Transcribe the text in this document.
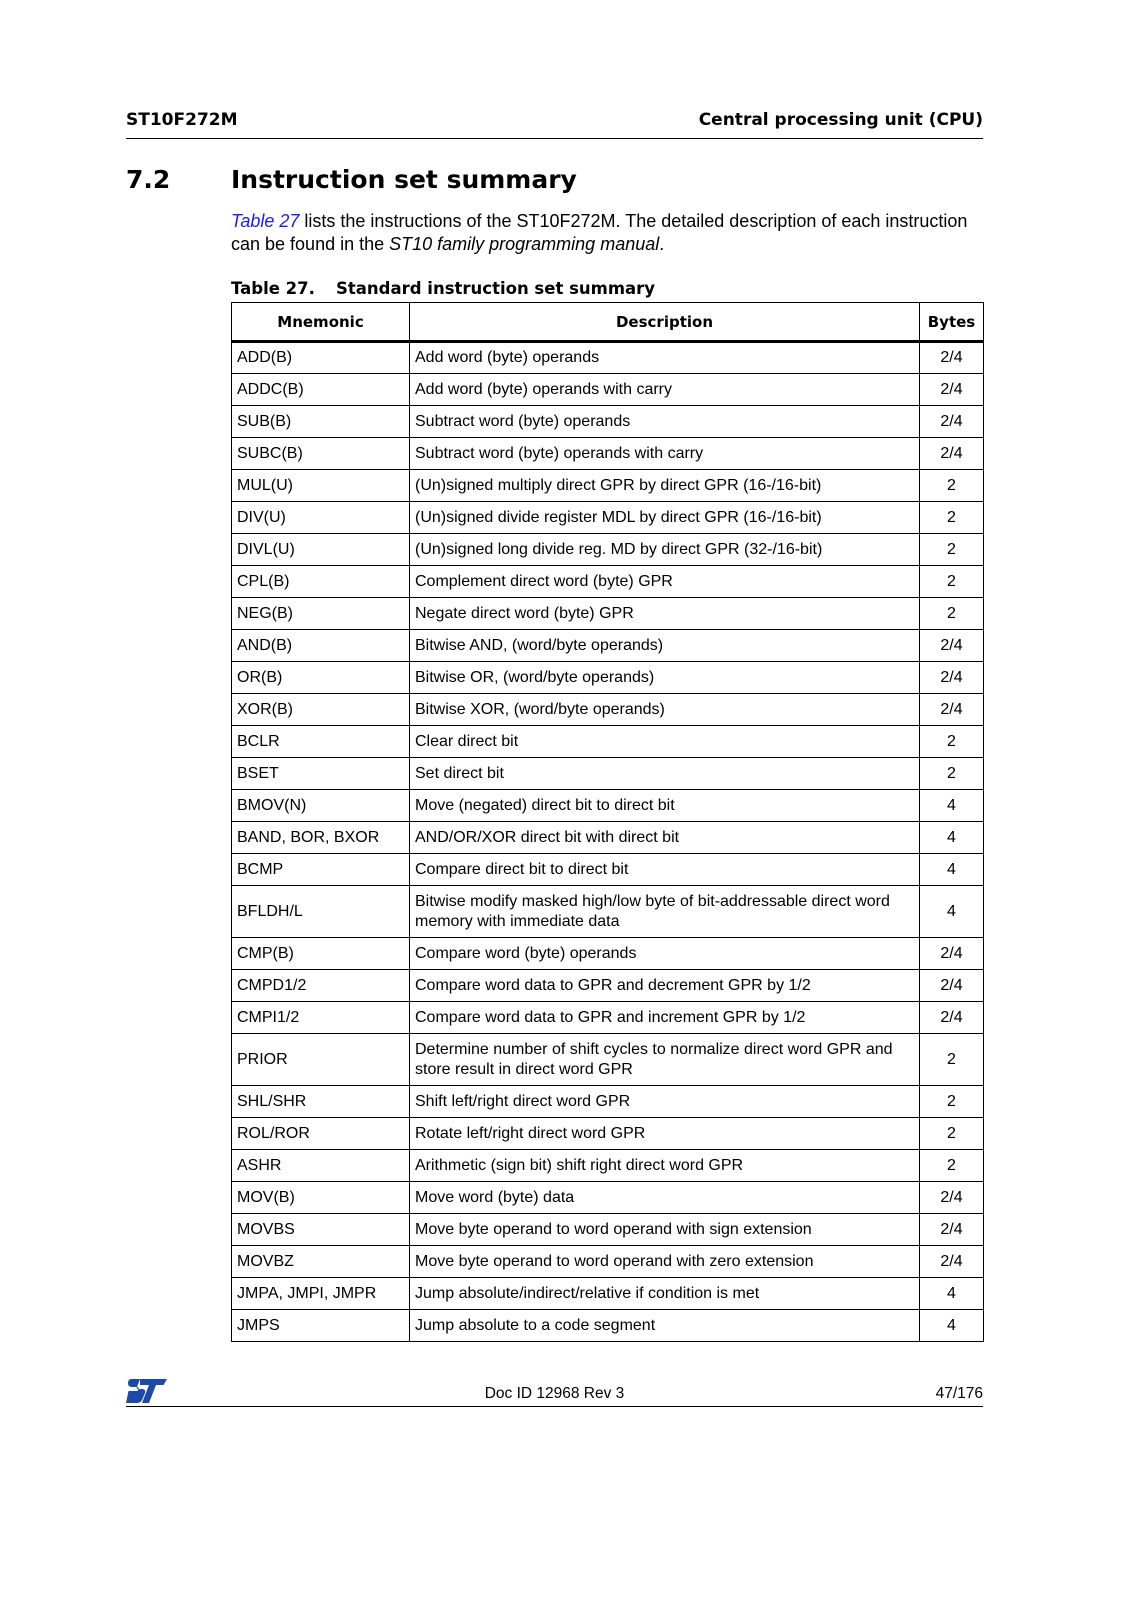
ST10F272M	Central processing unit (CPU)
7.2 Instruction set summary

Table 27 lists the instructions of the ST10F272M. The detailed description of each instruction can be found in the ST10 family programming manual.

Table 27. Standard instruction set summary
Mnemonic	Description	Bytes

ADD(B)	Add word (byte) operands	2/4
ADDC(B)	Add word (byte) operands with carry	2/4
SUB(B)	Subtract word (byte) operands	2/4
SUBC(B)	Subtract word (byte) operands with carry	2/4
MUL(U)	(Un)signed multiply direct GPR by direct GPR (16-/16-bit)	2
DIV(U)	(Un)signed divide register MDL by direct GPR (16-/16-bit)	2
DIVL(U)	(Un)signed long divide reg. MD by direct GPR (32-/16-bit)	2
CPL(B)	Complement direct word (byte) GPR	2
NEG(B)	Negate direct word (byte) GPR	2
AND(B)	Bitwise AND, (word/byte operands)	2/4
OR(B)	Bitwise OR, (word/byte operands)	2/4
XOR(B)	Bitwise XOR, (word/byte operands)	2/4
BCLR	Clear direct bit	2
BSET	Set direct bit	2
BMOV(N)	Move (negated) direct bit to direct bit	4
BAND, BOR, BXOR	AND/OR/XOR direct bit with direct bit	4
BCMP	Compare direct bit to direct bit	4
BFLDH/L	Bitwise modify masked high/low byte of bit-addressable direct word memory with immediate data	4
CMP(B)	Compare word (byte) operands	2/4
CMPD1/2	Compare word data to GPR and decrement GPR by 1/2	2/4
CMPI1/2	Compare word data to GPR and increment GPR by 1/2	2/4
PRIOR	Determine number of shift cycles to normalize direct word GPR and store result in direct word GPR	2
SHL/SHR	Shift left/right direct word GPR	2
ROL/ROR	Rotate left/right direct word GPR	2
ASHR	Arithmetic (sign bit) shift right direct word GPR	2
MOV(B)	Move word (byte) data	2/4
MOVBS	Move byte operand to word operand with sign extension	2/4
MOVBZ	Move byte operand to word operand with zero extension	2/4
JMPA, JMPI, JMPR	Jump absolute/indirect/relative if condition is met	4
JMPS	Jump absolute to a code segment	4
Doc ID 12968 Rev 3	47/176
